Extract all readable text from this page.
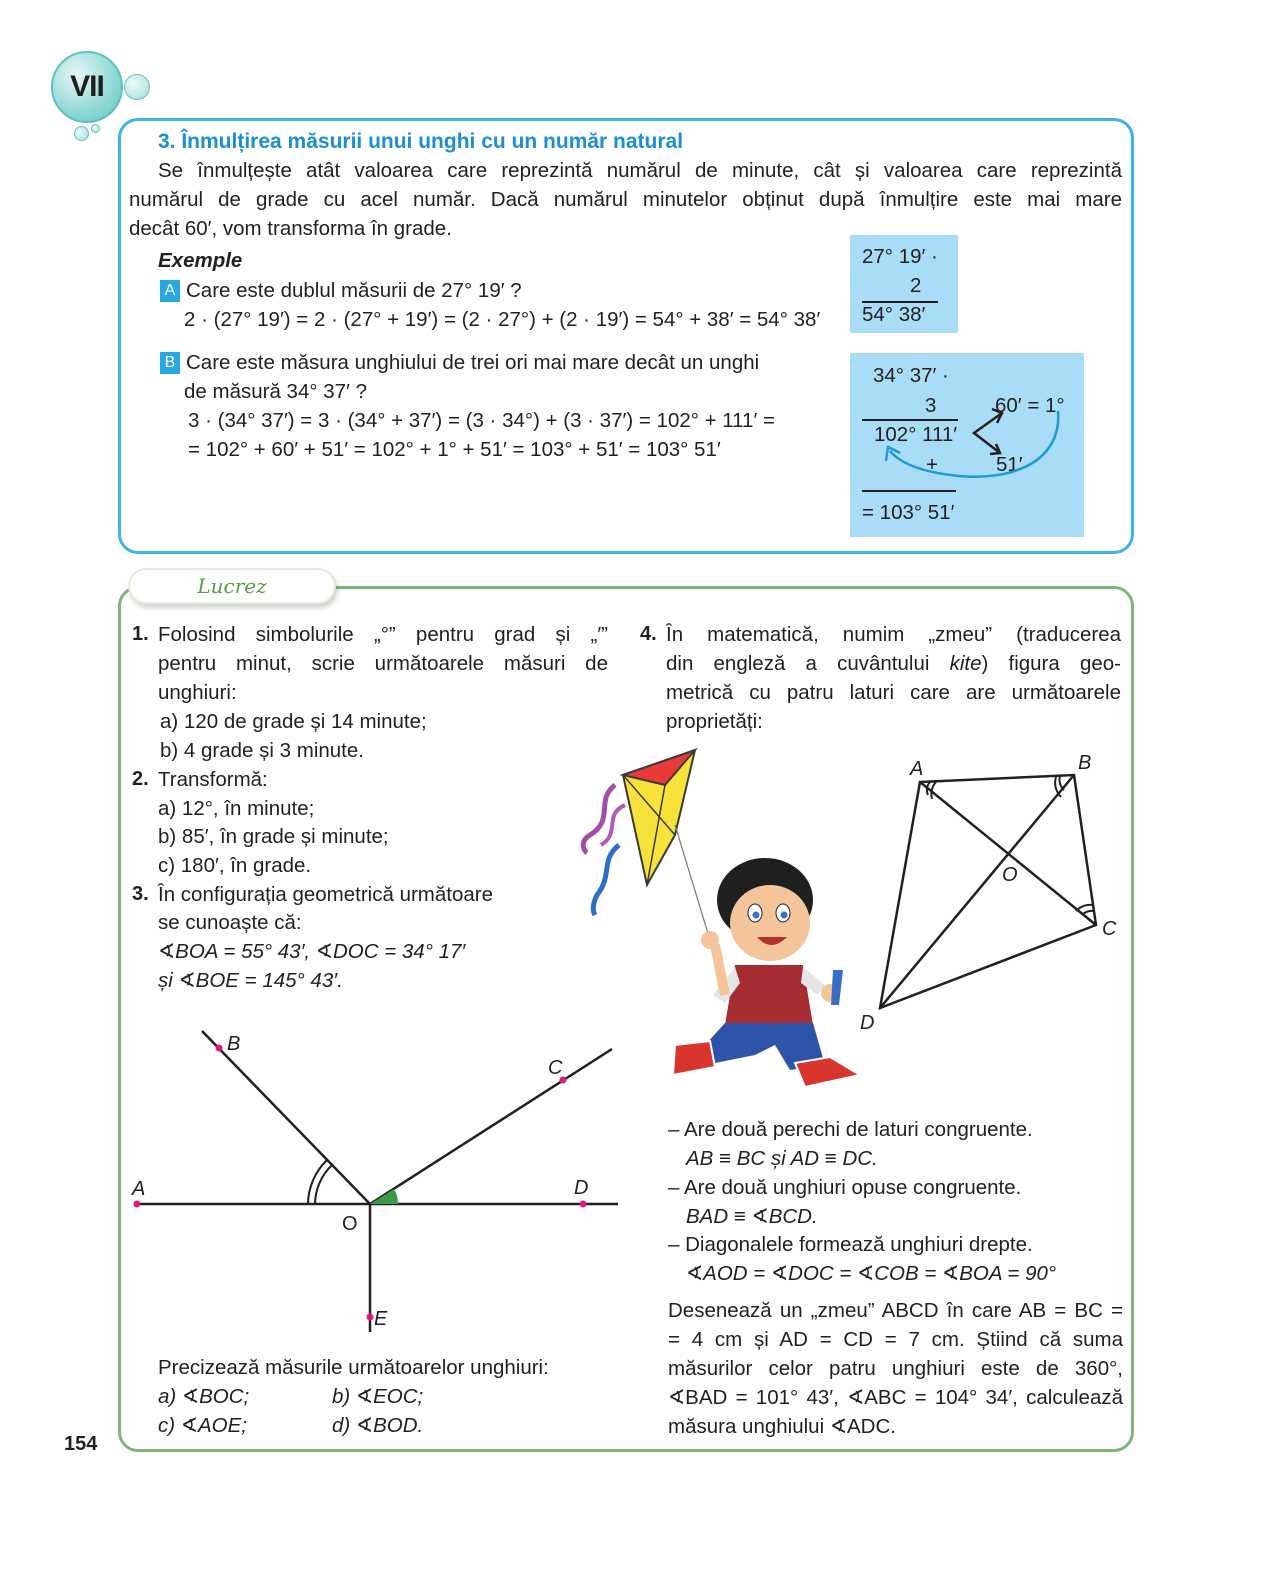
VII
3. Înmulțirea măsurii unui unghi cu un număr natural
Se înmulțește atât valoarea care reprezintă numărul de minute, cât și valoarea care reprezintă
numărul de grade cu acel număr. Dacă numărul minutelor obținut după înmulțire este mai mare
decât 60′, vom transforma în grade.
Exemple
A Care este dublul măsurii de 27° 19′ ?
2 · (27° 19′) = 2 · (27° + 19′) = (2 · 27°) + (2 · 19′) = 54° + 38′ = 54° 38′
B Care este măsura unghiului de trei ori mai mare decât un unghi
de măsură 34° 37′ ?
3 · (34° 37′) = 3 · (34° + 37′) = (3 · 34°) + (3 · 37′) = 102° + 111′ =
= 102° + 60′ + 51′ = 102° + 1° + 51′ = 103° + 51′ = 103° 51′
27° 19′ ·
2
54° 38′
34° 37′ ·
3
102° 111′
60′ = 1°
51′
+
= 103° 51′
Lucrez
1. Folosind simbolurile „°” pentru grad și „′”
pentru minut, scrie următoarele măsuri de
unghiuri:
a) 120 de grade și 14 minute;
b) 4 grade și 3 minute.
2. Transformă:
a) 12°, în minute;
b) 85′, în grade și minute;
c) 180′, în grade.
3. În configurația geometrică următoare
se cunoaște că:
∢BOA = 55° 43′, ∢DOC = 34° 17′
și ∢BOE = 145° 43′.
A
B
C
D
E
O
Precizează măsurile următoarelor unghiuri:
a) ∢BOC;	b) ∢EOC;
c) ∢AOE;	d) ∢BOD.
4. În matematică, numim „zmeu” (traducerea
din engleză a cuvântului kite) figura geo-
metrică cu patru laturi care are următoarele
proprietăți:
A	B
C
D
O
– Are două perechi de laturi congruente.
AB ≡ BC și AD ≡ DC.
– Are două unghiuri opuse congruente.
BAD ≡ ∢BCD.
– Diagonalele formează unghiuri drepte.
∢AOD = ∢DOC = ∢COB = ∢BOA = 90°
Desenează un „zmeu” ABCD în care AB = BC =
= 4 cm și AD = CD = 7 cm. Știind că suma
măsurilor celor patru unghiuri este de 360°,
∢BAD = 101° 43′, ∢ABC = 104° 34′, calculează
măsura unghiului ∢ADC.
154
